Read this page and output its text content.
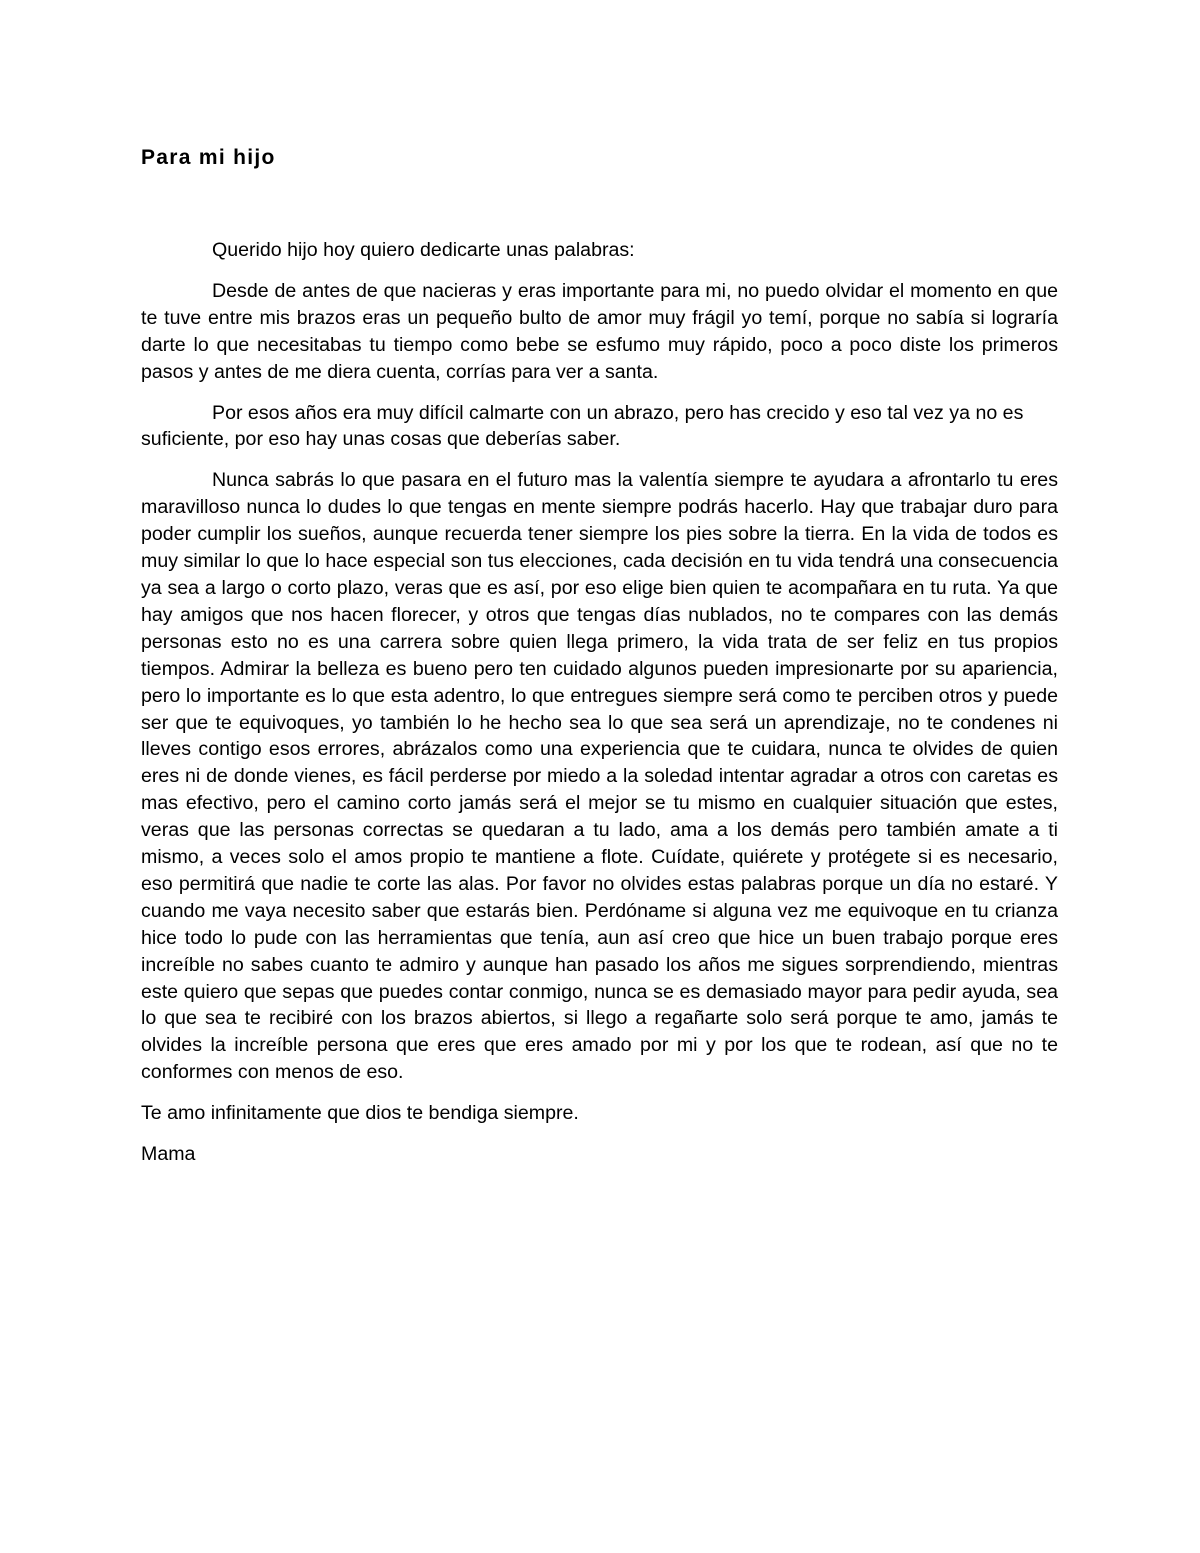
Para mi hijo

Querido hijo hoy quiero dedicarte unas palabras:

Desde de antes de que nacieras y eras importante para mi, no puedo olvidar el momento en que te tuve entre mis brazos eras un pequeño bulto de amor muy frágil yo temí, porque no sabía si lograría darte lo que necesitabas tu tiempo como bebe se esfumo muy rápido, poco a poco diste los primeros pasos y antes de me diera cuenta, corrías para ver a santa.

Por esos años era muy difícil calmarte con un abrazo, pero has crecido y eso tal vez ya no es suficiente, por eso hay unas cosas que deberías saber.

Nunca sabrás lo que pasara en el futuro mas la valentía siempre te ayudara a afrontarlo tu eres maravilloso nunca lo dudes lo que tengas en mente siempre podrás hacerlo. Hay que trabajar duro para poder cumplir los sueños, aunque recuerda tener siempre los pies sobre la tierra. En la vida de todos es muy similar lo que lo hace especial son tus elecciones, cada decisión en tu vida tendrá una consecuencia ya sea a largo o corto plazo, veras que es así, por eso elige bien quien te acompañara en tu ruta. Ya que hay amigos que nos hacen florecer, y otros que tengas días nublados, no te compares con las demás personas esto no es una carrera sobre quien llega primero, la vida trata de ser feliz en tus propios tiempos. Admirar la belleza es bueno pero ten cuidado algunos pueden impresionarte por su apariencia, pero lo importante es lo que esta adentro, lo que entregues siempre será como te perciben otros y puede ser que te equivoques, yo también lo he hecho sea lo que sea será un aprendizaje, no te condenes ni lleves contigo esos errores, abrázalos como una experiencia que te cuidara, nunca te olvides de quien eres ni de donde vienes, es fácil perderse por miedo a la soledad intentar agradar a otros con caretas es mas efectivo, pero el camino corto jamás será el mejor se tu mismo en cualquier situación que estes, veras que las personas correctas se quedaran a tu lado, ama a los demás pero también amate a ti mismo, a veces solo el amos propio te mantiene a flote. Cuídate, quiérete y protégete si es necesario, eso permitirá que nadie te corte las alas. Por favor no olvides estas palabras porque un día no estaré. Y cuando me vaya necesito saber que estarás bien. Perdóname si alguna vez me equivoque en tu crianza hice todo lo pude con las herramientas que tenía, aun así creo que hice un buen trabajo porque eres increíble no sabes cuanto te admiro y aunque han pasado los años me sigues sorprendiendo, mientras este quiero que sepas que puedes contar conmigo, nunca se es demasiado mayor para pedir ayuda, sea lo que sea te recibiré con los brazos abiertos, si llego a regañarte solo será porque te amo, jamás te olvides la increíble persona que eres que eres amado por mi y por los que te rodean, así que no te conformes con menos de eso.

Te amo infinitamente que dios te bendiga siempre.

Mama
